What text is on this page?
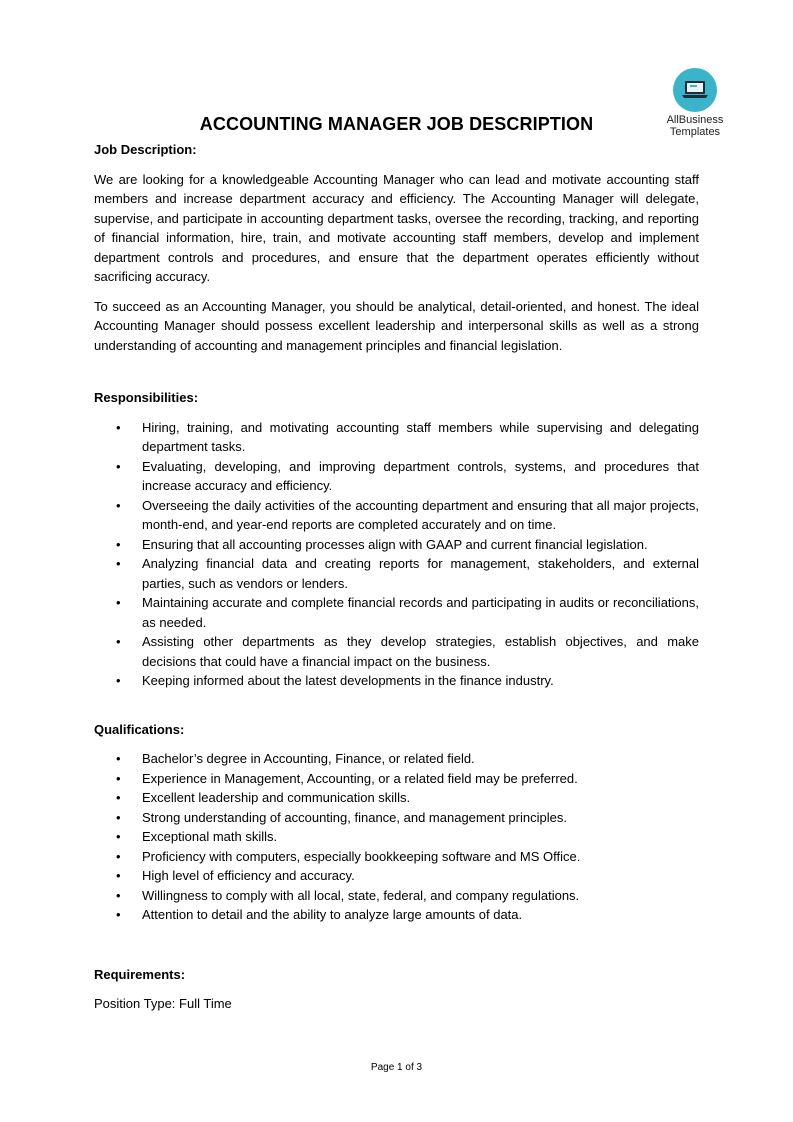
AllBusiness
Templates
ACCOUNTING MANAGER JOB DESCRIPTION

Job Description:

We are looking for a knowledgeable Accounting Manager who can lead and motivate accounting staff members and increase department accuracy and efficiency. The Accounting Manager will delegate, supervise, and participate in accounting department tasks, oversee the recording, tracking, and reporting of financial information, hire, train, and motivate accounting staff members, develop and implement department controls and procedures, and ensure that the department operates efficiently without sacrificing accuracy.

To succeed as an Accounting Manager, you should be analytical, detail-oriented, and honest. The ideal Accounting Manager should possess excellent leadership and interpersonal skills as well as a strong understanding of accounting and management principles and financial legislation.

Responsibilities:

• Hiring, training, and motivating accounting staff members while supervising and delegating department tasks.
• Evaluating, developing, and improving department controls, systems, and procedures that increase accuracy and efficiency.
• Overseeing the daily activities of the accounting department and ensuring that all major projects, month-end, and year-end reports are completed accurately and on time.
• Ensuring that all accounting processes align with GAAP and current financial legislation.
• Analyzing financial data and creating reports for management, stakeholders, and external parties, such as vendors or lenders.
• Maintaining accurate and complete financial records and participating in audits or reconciliations, as needed.
• Assisting other departments as they develop strategies, establish objectives, and make decisions that could have a financial impact on the business.
• Keeping informed about the latest developments in the finance industry.

Qualifications:

• Bachelor’s degree in Accounting, Finance, or related field.
• Experience in Management, Accounting, or a related field may be preferred.
• Excellent leadership and communication skills.
• Strong understanding of accounting, finance, and management principles.
• Exceptional math skills.
• Proficiency with computers, especially bookkeeping software and MS Office.
• High level of efficiency and accuracy.
• Willingness to comply with all local, state, federal, and company regulations.
• Attention to detail and the ability to analyze large amounts of data.

Requirements:

Position Type: Full Time

Page 1 of 3
